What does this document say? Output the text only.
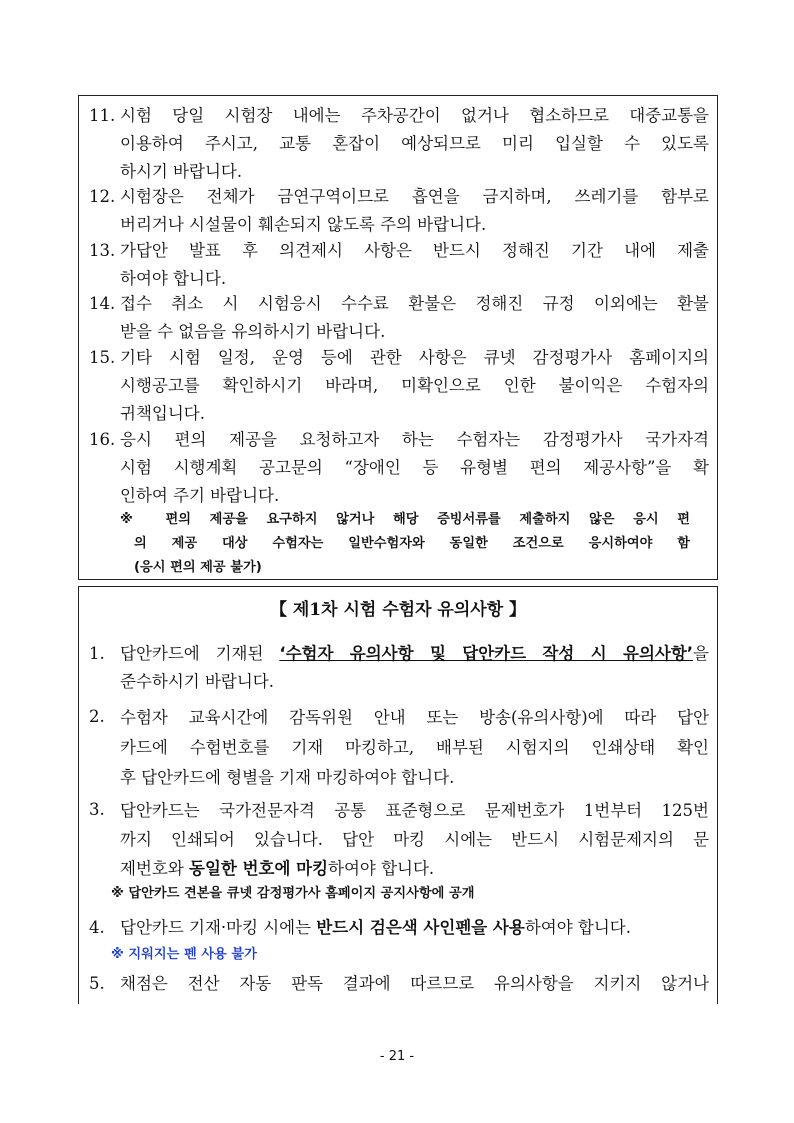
11. 시험 당일 시험장 내에는 주차공간이 없거나 협소하므로 대중교통을
이용하여 주시고, 교통 혼잡이 예상되므로 미리 입실할 수 있도록
하시기 바랍니다.
12. 시험장은 전체가 금연구역이므로 흡연을 금지하며, 쓰레기를 함부로
버리거나 시설물이 훼손되지 않도록 주의 바랍니다.
13. 가답안 발표 후 의견제시 사항은 반드시 정해진 기간 내에 제출
하여야 합니다.
14. 접수 취소 시 시험응시 수수료 환불은 정해진 규정 이외에는 환불
받을 수 없음을 유의하시기 바랍니다.
15. 기타 시험 일정, 운영 등에 관한 사항은 큐넷 감정평가사 홈페이지의
시행공고를 확인하시기 바라며, 미확인으로 인한 불이익은 수험자의
귀책입니다.
16. 응시 편의 제공을 요청하고자 하는 수험자는 감정평가사 국가자격
시험 시행계획 공고문의 “장애인 등 유형별 편의 제공사항”을 확
인하여 주기 바랍니다.
※ 편의 제공을 요구하지 않거나 해당 증빙서류를 제출하지 않은 응시 편
의 제공 대상 수험자는 일반수험자와 동일한 조건으로 응시하여야 함
(응시 편의 제공 불가)
【 제1차 시험 수험자 유의사항 】
1. 답안카드에 기재된 ‘수험자 유의사항 및 답안카드 작성 시 유의사항’을
준수하시기 바랍니다.
2. 수험자 교육시간에 감독위원 안내 또는 방송(유의사항)에 따라 답안
카드에 수험번호를 기재 마킹하고, 배부된 시험지의 인쇄상태 확인
후 답안카드에 형별을 기재 마킹하여야 합니다.
3. 답안카드는 국가전문자격 공통 표준형으로 문제번호가 1번부터 125번
까지 인쇄되어 있습니다. 답안 마킹 시에는 반드시 시험문제지의 문
제번호와 동일한 번호에 마킹하여야 합니다.
※ 답안카드 견본을 큐넷 감정평가사 홈페이지 공지사항에 공개
4. 답안카드 기재·마킹 시에는 반드시 검은색 사인펜을 사용하여야 합니다.
※ 지워지는 펜 사용 불가
5. 채점은 전산 자동 판독 결과에 따르므로 유의사항을 지키지 않거나
- 21 -
